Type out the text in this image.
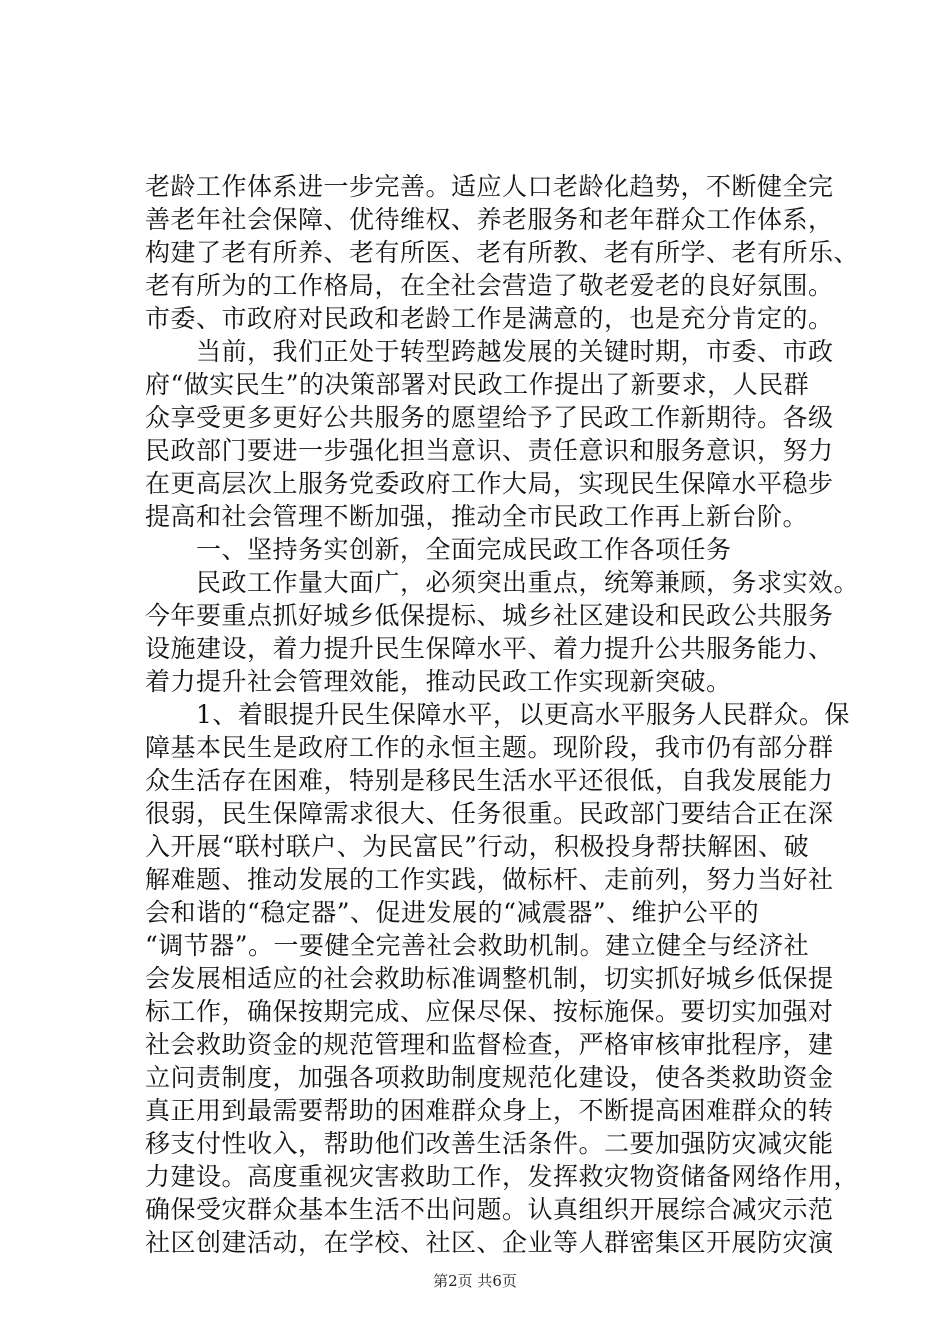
老龄工作体系进一步完善。适应人口老龄化趋势，不断健全完
善老年社会保障、优待维权、养老服务和老年群众工作体系，
构建了老有所养、老有所医、老有所教、老有所学、老有所乐、
老有所为的工作格局，在全社会营造了敬老爱老的良好氛围。
市委、市政府对民政和老龄工作是满意的，也是充分肯定的。
　　当前，我们正处于转型跨越发展的关键时期，市委、市政
府“做实民生”的决策部署对民政工作提出了新要求，人民群
众享受更多更好公共服务的愿望给予了民政工作新期待。各级
民政部门要进一步强化担当意识、责任意识和服务意识，努力
在更高层次上服务党委政府工作大局，实现民生保障水平稳步
提高和社会管理不断加强，推动全市民政工作再上新台阶。
　　一、坚持务实创新，全面完成民政工作各项任务
　　民政工作量大面广，必须突出重点，统筹兼顾，务求实效。
今年要重点抓好城乡低保提标、城乡社区建设和民政公共服务
设施建设，着力提升民生保障水平、着力提升公共服务能力、
着力提升社会管理效能，推动民政工作实现新突破。
　　1、着眼提升民生保障水平，以更高水平服务人民群众。保
障基本民生是政府工作的永恒主题。现阶段，我市仍有部分群
众生活存在困难，特别是移民生活水平还很低，自我发展能力
很弱，民生保障需求很大、任务很重。民政部门要结合正在深
入开展“联村联户、为民富民”行动，积极投身帮扶解困、破
解难题、推动发展的工作实践，做标杆、走前列，努力当好社
会和谐的“稳定器”、促进发展的“减震器”、维护公平的
“调节器”。一要健全完善社会救助机制。建立健全与经济社
会发展相适应的社会救助标准调整机制，切实抓好城乡低保提
标工作，确保按期完成、应保尽保、按标施保。要切实加强对
社会救助资金的规范管理和监督检查，严格审核审批程序，建
立问责制度，加强各项救助制度规范化建设，使各类救助资金
真正用到最需要帮助的困难群众身上，不断提高困难群众的转
移支付性收入，帮助他们改善生活条件。二要加强防灾减灾能
力建设。高度重视灾害救助工作，发挥救灾物资储备网络作用，
确保受灾群众基本生活不出问题。认真组织开展综合减灾示范
社区创建活动，在学校、社区、企业等人群密集区开展防灾演
第2页 共6页
